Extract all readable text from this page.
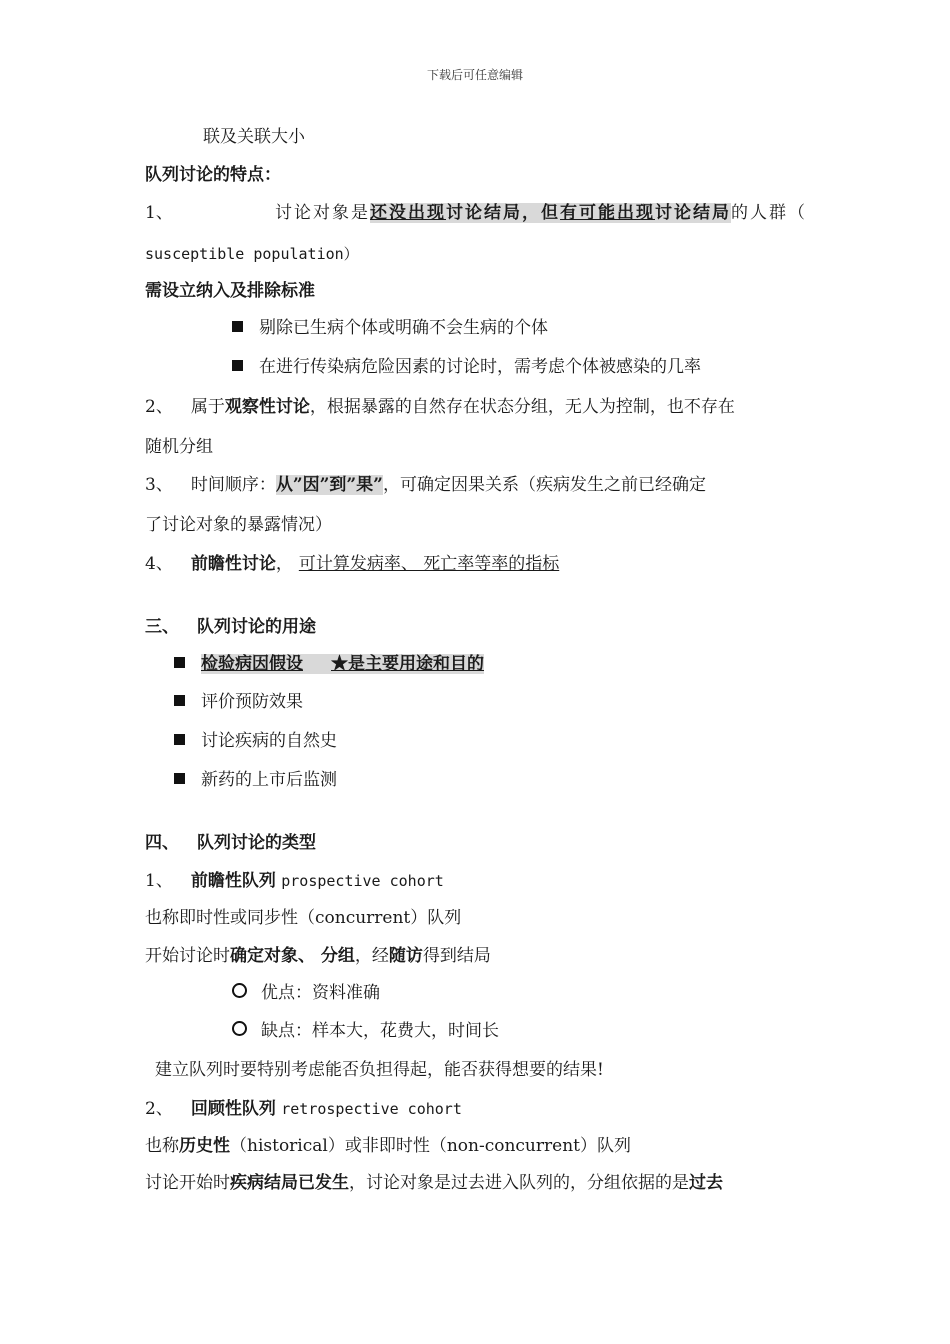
下载后可任意编辑
联及关联大小
队列讨论的特点：
1、	讨论对象是还没出现讨论结局，但有可能出现讨论结局的人群（
susceptible population）
需设立纳入及排除标准
剔除已生病个体或明确不会生病的个体
在进行传染病危险因素的讨论时，需考虑个体被感染的几率
2、 属于观察性讨论，根据暴露的自然存在状态分组，无人为控制，也不存在
随机分组
3、 时间顺序：从”因”到”果”，可确定因果关系（疾病发生之前已经确定
了讨论对象的暴露情况）
4、 前瞻性讨论， 可计算发病率、 死亡率等率的指标
三、 队列讨论的用途
检验病因假设 ★是主要用途和目的
评价预防效果
讨论疾病的自然史
新药的上市后监测
四、 队列讨论的类型
1、 前瞻性队列 prospective cohort
也称即时性或同步性（concurrent）队列
开始讨论时确定对象、 分组，经随访得到结局
优点：资料准确
缺点：样本大，花费大，时间长
建立队列时要特别考虑能否负担得起，能否获得想要的结果!
2、 回顾性队列 retrospective cohort
也称历史性（historical）或非即时性（non-concurrent）队列
讨论开始时疾病结局已发生，讨论对象是过去进入队列的，分组依据的是过去
